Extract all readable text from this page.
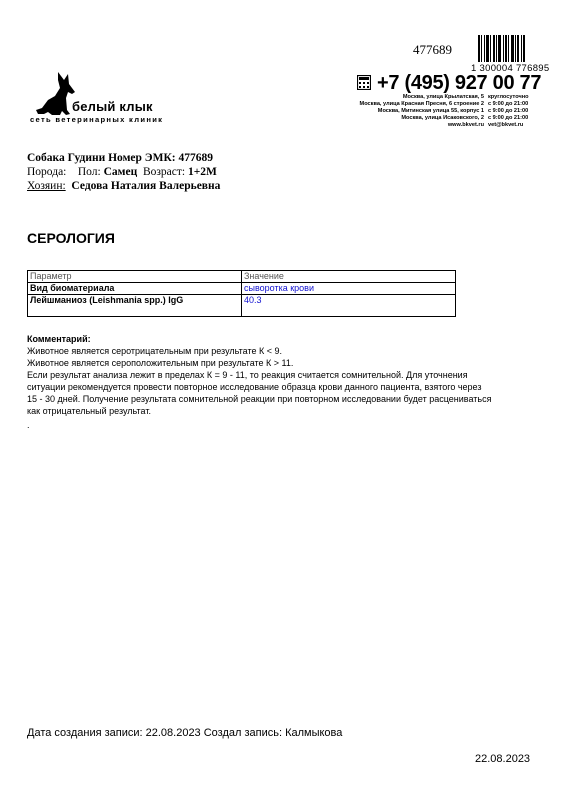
477689
1 300004 776895
белый клык
сеть ветеринарных клиник
+7 (495) 927 00 77
Москва, улица Крылатская, 5
Москва, улица Красная Пресня, 6 строение 2
Москва, Митинская улица 55, корпус 1
Москва, улица Исаковского, 2
www.bkvet.ru
круглосуточно
с 9:00 до 21:00
с 9:00 до 21:00
с 9:00 до 21:00
vet@bkvet.ru
Собака Гудини Номер ЭМК: 477689
Порода: Пол: Самец Возраст: 1+2М
Хозяин: Седова Наталия Валерьевна
СЕРОЛОГИЯ
Параметр	Значение
Вид биоматериала	сыворотка крови
Лейшманиоз (Leishmania spp.) IgG	40.3
Комментарий:
Животное является серотрицательным при результате К < 9.
Животное является сероположительным при результате К > 11.
Если результат анализа лежит в пределах К = 9 - 11, то реакция считается сомнительной. Для уточнения
ситуации рекомендуется провести повторное исследование образца крови данного пациента, взятого через
15 - 30 дней. Получение результата сомнительной реакции при повторном исследовании будет расцениваться
как отрицательный результат.
.
Дата создания записи: 22.08.2023 Создал запись: Калмыкова
22.08.2023
